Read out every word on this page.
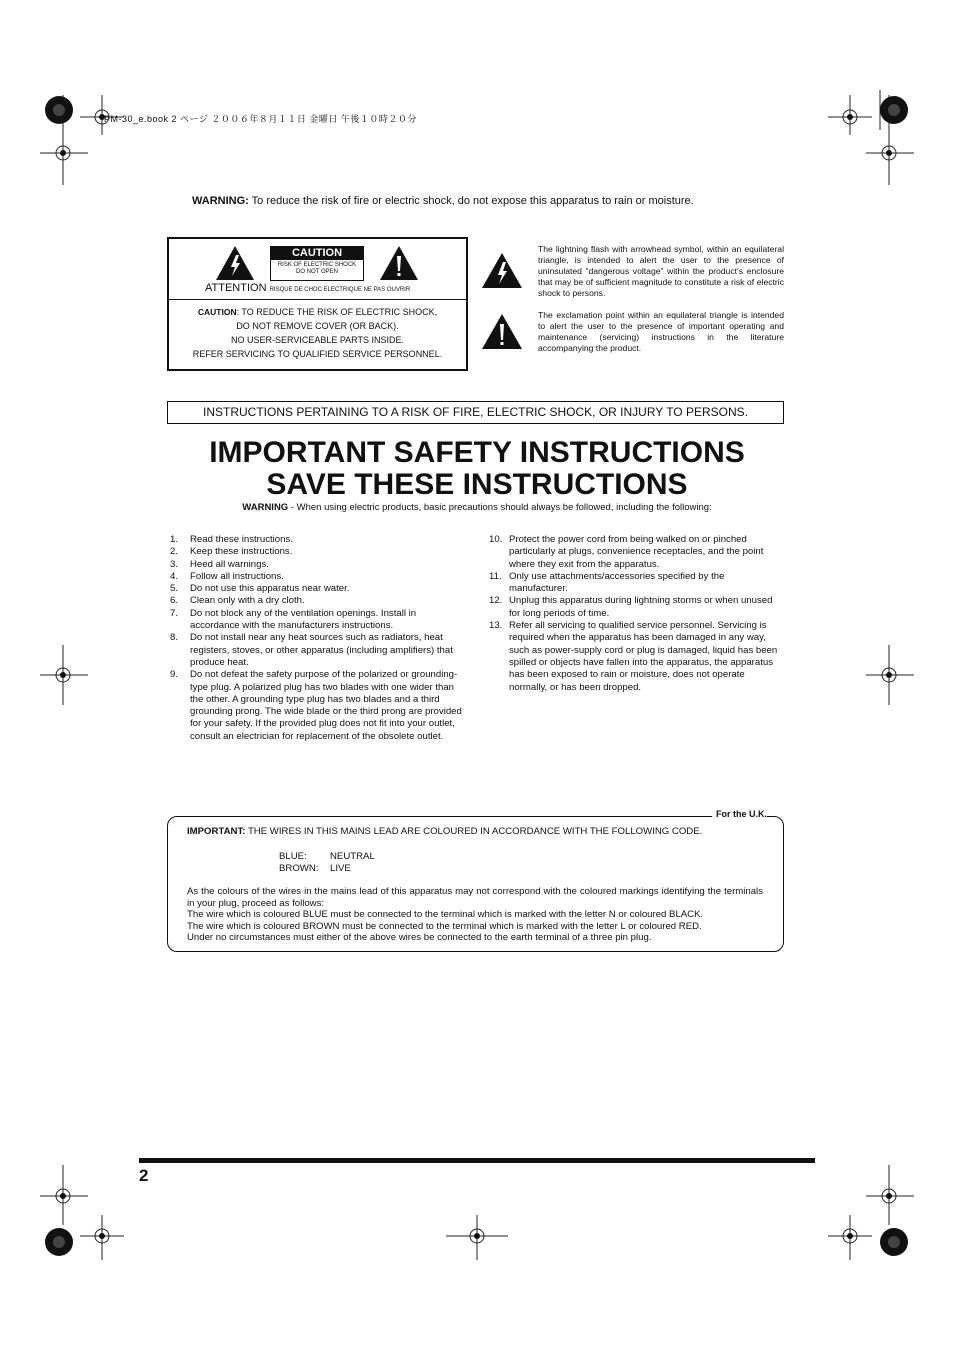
PM-30_e.book 2 ページ ２００６年８月１１日 金曜日 午後１０時２０分
WARNING: To reduce the risk of fire or electric shock, do not expose this apparatus to rain or moisture.
CAUTION
RISK OF ELECTRIC SHOCK
DO NOT OPEN
ATTENTION RISQUE DE CHOC ELECTRIQUE NE PAS OUVRIR
CAUTION: TO REDUCE THE RISK OF ELECTRIC SHOCK,
DO NOT REMOVE COVER (OR BACK).
NO USER-SERVICEABLE PARTS INSIDE.
REFER SERVICING TO QUALIFIED SERVICE PERSONNEL.
The lightning flash with arrowhead symbol, within an equilateral triangle, is intended to alert the user to the presence of uninsulated “dangerous voltage” within the product’s enclosure that may be of sufficient magnitude to constitute a risk of electric shock to persons.
The exclamation point within an equilateral triangle is intended to alert the user to the presence of important operating and maintenance (servicing) instructions in the literature accompanying the product.
INSTRUCTIONS PERTAINING TO A RISK OF FIRE, ELECTRIC SHOCK, OR INJURY TO PERSONS.
IMPORTANT SAFETY INSTRUCTIONS
SAVE THESE INSTRUCTIONS
WARNING - When using electric products, basic precautions should always be followed, including the following:
1. Read these instructions.
2. Keep these instructions.
3. Heed all warnings.
4. Follow all instructions.
5. Do not use this apparatus near water.
6. Clean only with a dry cloth.
7. Do not block any of the ventilation openings. Install in accordance with the manufacturers instructions.
8. Do not install near any heat sources such as radiators, heat registers, stoves, or other apparatus (including amplifiers) that produce heat.
9. Do not defeat the safety purpose of the polarized or grounding-type plug. A polarized plug has two blades with one wider than the other. A grounding type plug has two blades and a third grounding prong. The wide blade or the third prong are provided for your safety. If the provided plug does not fit into your outlet, consult an electrician for replacement of the obsolete outlet.
10. Protect the power cord from being walked on or pinched particularly at plugs, convenience receptacles, and the point where they exit from the apparatus.
11. Only use attachments/accessories specified by the manufacturer.
12. Unplug this apparatus during lightning storms or when unused for long periods of time.
13. Refer all servicing to qualified service personnel. Servicing is required when the apparatus has been damaged in any way, such as power-supply cord or plug is damaged, liquid has been spilled or objects have fallen into the apparatus, the apparatus has been exposed to rain or moisture, does not operate normally, or has been dropped.
For the U.K.
IMPORTANT: THE WIRES IN THIS MAINS LEAD ARE COLOURED IN ACCORDANCE WITH THE FOLLOWING CODE.
BLUE: NEUTRAL
BROWN: LIVE
As the colours of the wires in the mains lead of this apparatus may not correspond with the coloured markings identifying the terminals in your plug, proceed as follows:
The wire which is coloured BLUE must be connected to the terminal which is marked with the letter N or coloured BLACK.
The wire which is coloured BROWN must be connected to the terminal which is marked with the letter L or coloured RED.
Under no circumstances must either of the above wires be connected to the earth terminal of a three pin plug.
2
